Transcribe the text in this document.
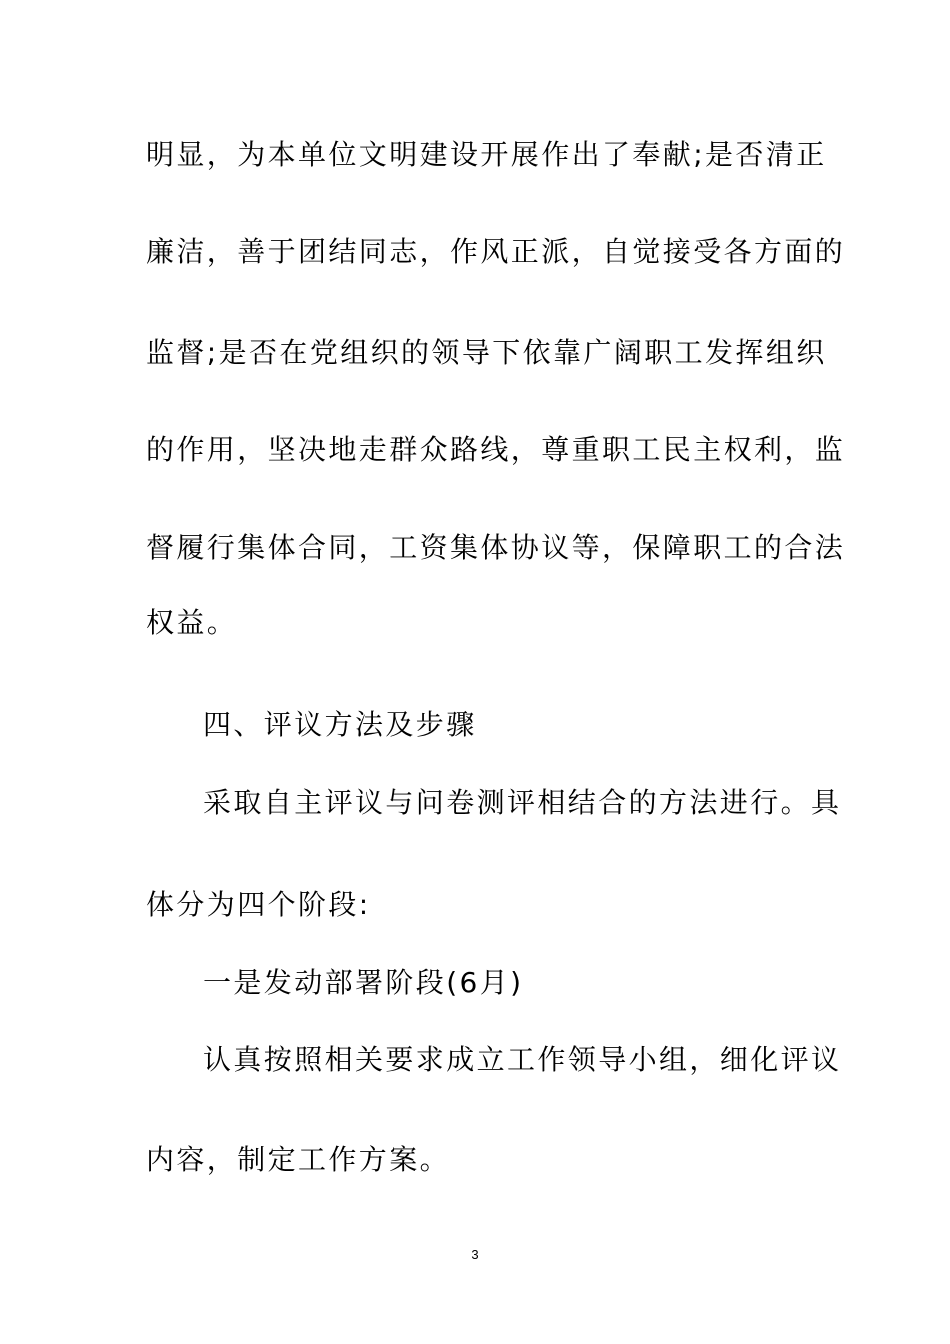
明显，为本单位文明建设开展作出了奉献;是否清正
廉洁，善于团结同志，作风正派，自觉接受各方面的
监督;是否在党组织的领导下依靠广阔职工发挥组织
的作用，坚决地走群众路线，尊重职工民主权利，监
督履行集体合同，工资集体协议等，保障职工的合法
权益。
四、评议方法及步骤
采取自主评议与问卷测评相结合的方法进行。具
体分为四个阶段:
一是发动部署阶段(6月)
认真按照相关要求成立工作领导小组，细化评议
内容，制定工作方案。
3
